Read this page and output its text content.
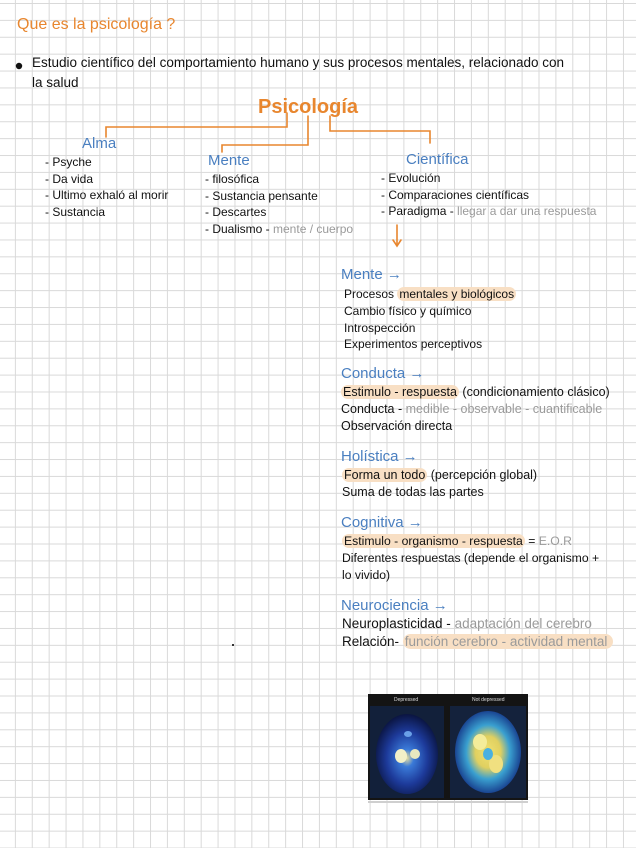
Que es la psicología ?
Estudio científico del comportamiento humano y sus procesos mentales, relacionado con
la salud
Psicología
Alma
- Psyche
- Da vida
- Ultimo exhaló al morir
- Sustancia
Mente
- filosófica
- Sustancia pensante
- Descartes
- Dualismo - mente / cuerpo
Científica
- Evolución
- Comparaciones científicas
- Paradigma - llegar a dar una respuesta
Mente →
Procesos mentales y biológicos
Cambio físico y químico
Introspección
Experimentos perceptivos
Conducta →
Estimulo - respuesta (condicionamiento clásico)
Conducta - medible - observable - cuantificable
Observación directa
Holística →
Forma un todo (percepción global)
Suma de todas las partes
Cognitiva →
Estimulo - organismo - respuesta = E.O.R
Diferentes respuestas (depende el organismo +
lo vivido)
Neurociencia →
Neuroplasticidad - adaptación del cerebro
Relación- función cerebro - actividad mental
Depressed	Not depressed
